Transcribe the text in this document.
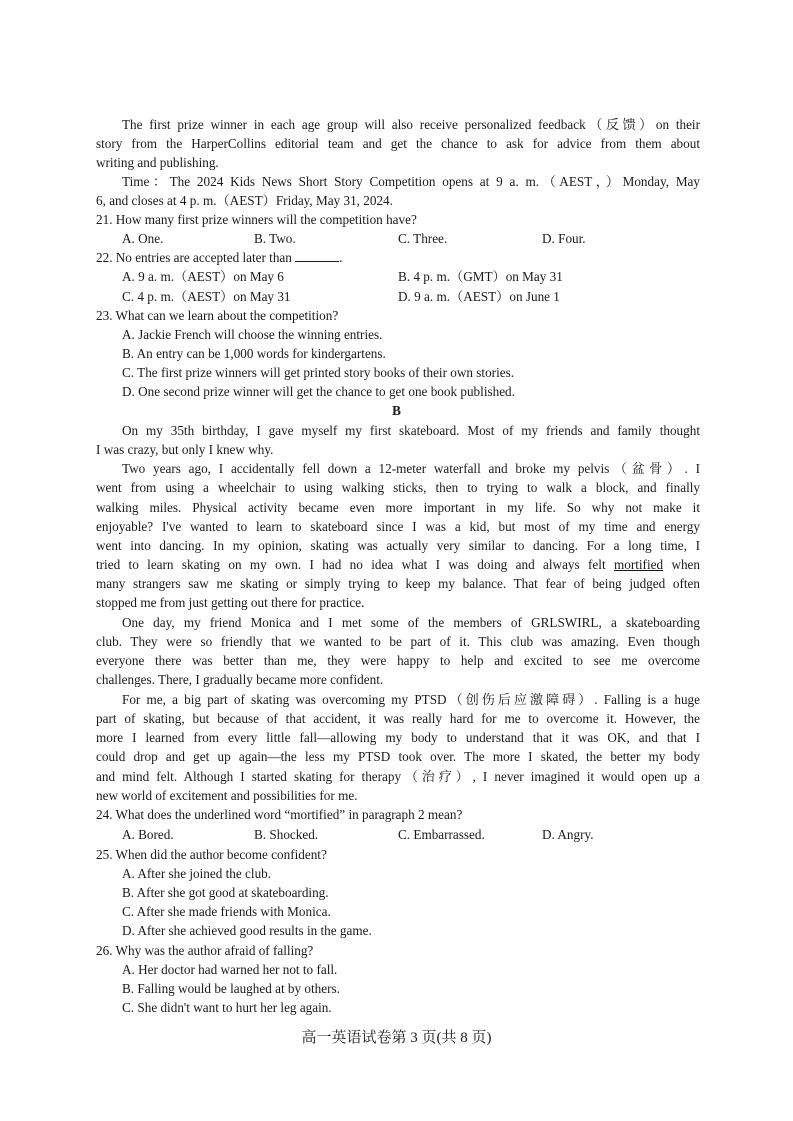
The first prize winner in each age group will also receive personalized feedback（反馈）on their
story from the HarperCollins editorial team and get the chance to ask for advice from them about
writing and publishing.
Time：The 2024 Kids News Short Story Competition opens at 9 a. m.（AEST，）Monday, May
6, and closes at 4 p. m.（AEST）Friday, May 31, 2024.
21. How many first prize winners will the competition have?
A. One.	B. Two.	C. Three.	D. Four.
22. No entries are accepted later than	.
A. 9 a. m.（AEST）on May 6	B. 4 p. m.（GMT）on May 31
C. 4 p. m.（AEST）on May 31	D. 9 a. m.（AEST）on June 1
23. What can we learn about the competition?
A. Jackie French will choose the winning entries.
B. An entry can be 1,000 words for kindergartens.
C. The first prize winners will get printed story books of their own stories.
D. One second prize winner will get the chance to get one book published.
B
On my 35th birthday, I gave myself my first skateboard. Most of my friends and family thought
I was crazy, but only I knew why.
Two years ago, I accidentally fell down a 12-meter waterfall and broke my pelvis（盆骨）. I
went from using a wheelchair to using walking sticks, then to trying to walk a block, and finally
walking miles. Physical activity became even more important in my life. So why not make it
enjoyable? I've wanted to learn to skateboard since I was a kid, but most of my time and energy
went into dancing. In my opinion, skating was actually very similar to dancing. For a long time, I
tried to learn skating on my own. I had no idea what I was doing and always felt mortified when
many strangers saw me skating or simply trying to keep my balance. That fear of being judged often
stopped me from just getting out there for practice.
One day, my friend Monica and I met some of the members of GRLSWIRL, a skateboarding
club. They were so friendly that we wanted to be part of it. This club was amazing. Even though
everyone there was better than me, they were happy to help and excited to see me overcome
challenges. There, I gradually became more confident.
For me, a big part of skating was overcoming my PTSD（创伤后应激障碍）. Falling is a huge
part of skating, but because of that accident, it was really hard for me to overcome it. However, the
more I learned from every little fall—allowing my body to understand that it was OK, and that I
could drop and get up again—the less my PTSD took over. The more I skated, the better my body
and mind felt. Although I started skating for therapy（治疗）, I never imagined it would open up a
new world of excitement and possibilities for me.
24. What does the underlined word “mortified” in paragraph 2 mean?
A. Bored.	B. Shocked.	C. Embarrassed.	D. Angry.
25. When did the author become confident?
A. After she joined the club.
B. After she got good at skateboarding.
C. After she made friends with Monica.
D. After she achieved good results in the game.
26. Why was the author afraid of falling?
A. Her doctor had warned her not to fall.
B. Falling would be laughed at by others.
C. She didn't want to hurt her leg again.
高一英语试卷第 3 页(共 8 页)
